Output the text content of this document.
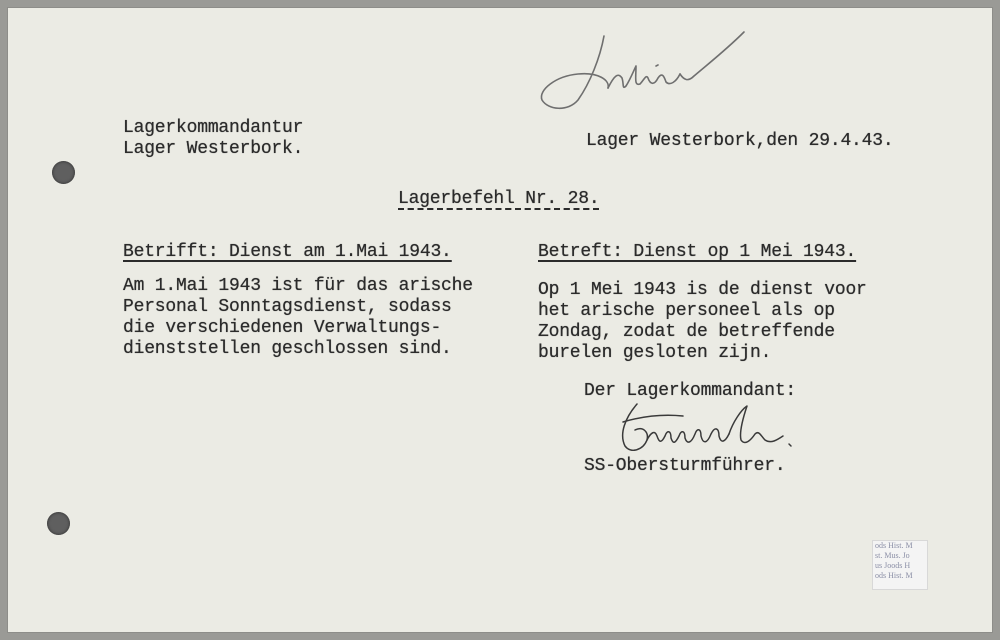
Lagerkommandantur
Lager Westerbork.	Lager Westerbork,den 29.4.43.
Lagerbefehl Nr. 28.
Betrifft: Dienst am 1.Mai 1943.
Am 1.Mai 1943 ist für das arische
Personal Sonntagsdienst, sodass
die verschiedenen Verwaltungs-
dienststellen geschlossen sind.
Betreft: Dienst op 1 Mei 1943.
Op 1 Mei 1943 is de dienst voor
het arische personeel als op
Zondag, zodat de betreffende
burelen gesloten zijn.
Der Lagerkommandant:
SS-Obersturmführer.
ods Hist. M
st. Mus. Jo
us Joods H
ods Hist. M
